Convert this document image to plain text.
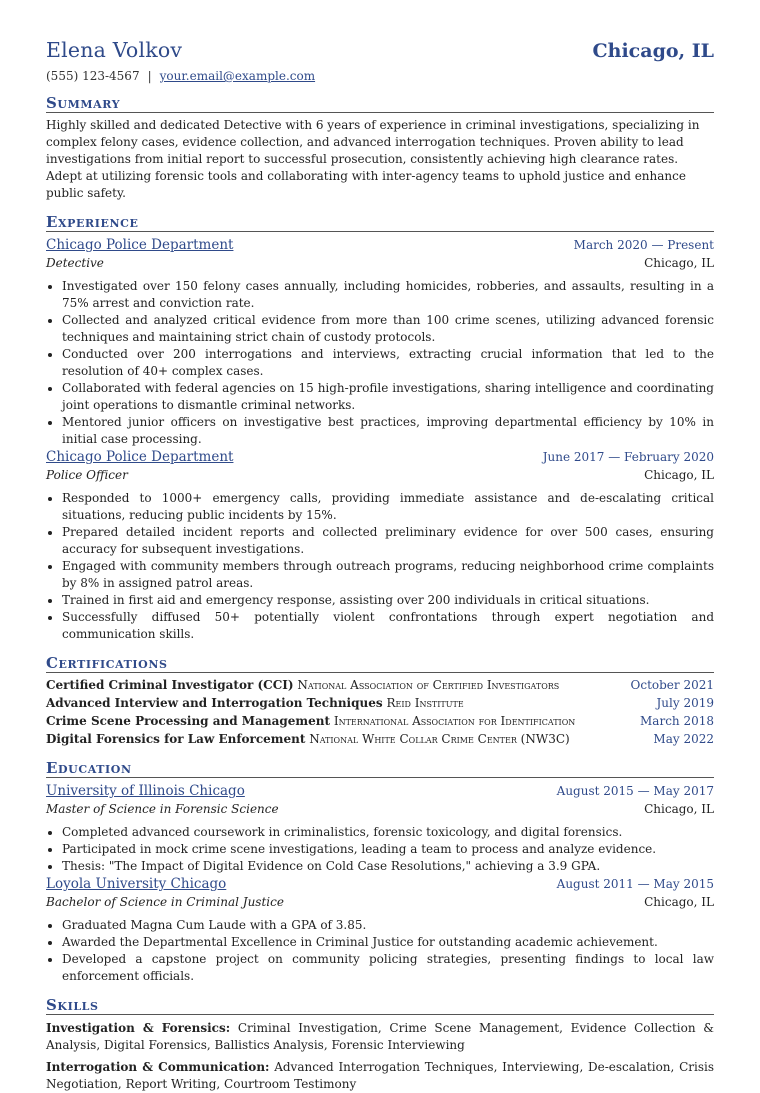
Elena Volkov	Chicago, IL
(555) 123-4567 | your.email@example.com
Summary
Highly skilled and dedicated Detective with 6 years of experience in criminal investigations, specializing in complex felony cases, evidence collection, and advanced interrogation techniques. Proven ability to lead investigations from initial report to successful prosecution, consistently achieving high clearance rates. Adept at utilizing forensic tools and collaborating with inter-agency teams to uphold justice and enhance public safety.
Experience
Chicago Police Department	March 2020 — Present
Detective	Chicago, IL
• Investigated over 150 felony cases annually, including homicides, robberies, and assaults, resulting in a 75% arrest and conviction rate.
• Collected and analyzed critical evidence from more than 100 crime scenes, utilizing advanced forensic techniques and maintaining strict chain of custody protocols.
• Conducted over 200 interrogations and interviews, extracting crucial information that led to the resolution of 40+ complex cases.
• Collaborated with federal agencies on 15 high-profile investigations, sharing intelligence and coordinating joint operations to dismantle criminal networks.
• Mentored junior officers on investigative best practices, improving departmental efficiency by 10% in initial case processing.
Chicago Police Department	June 2017 — February 2020
Police Officer	Chicago, IL
• Responded to 1000+ emergency calls, providing immediate assistance and de-escalating critical situations, reducing public incidents by 15%.
• Prepared detailed incident reports and collected preliminary evidence for over 500 cases, ensuring accuracy for subsequent investigations.
• Engaged with community members through outreach programs, reducing neighborhood crime complaints by 8% in assigned patrol areas.
• Trained in first aid and emergency response, assisting over 200 individuals in critical situations.
• Successfully diffused 50+ potentially violent confrontations through expert negotiation and communication skills.
Certifications
Certified Criminal Investigator (CCI) National Association of Certified Investigators	October 2021
Advanced Interview and Interrogation Techniques Reid Institute	July 2019
Crime Scene Processing and Management International Association for Identification	March 2018
Digital Forensics for Law Enforcement National White Collar Crime Center (NW3C)	May 2022
Education
University of Illinois Chicago	August 2015 — May 2017
Master of Science in Forensic Science	Chicago, IL
• Completed advanced coursework in criminalistics, forensic toxicology, and digital forensics.
• Participated in mock crime scene investigations, leading a team to process and analyze evidence.
• Thesis: "The Impact of Digital Evidence on Cold Case Resolutions," achieving a 3.9 GPA.
Loyola University Chicago	August 2011 — May 2015
Bachelor of Science in Criminal Justice	Chicago, IL
• Graduated Magna Cum Laude with a GPA of 3.85.
• Awarded the Departmental Excellence in Criminal Justice for outstanding academic achievement.
• Developed a capstone project on community policing strategies, presenting findings to local law enforcement officials.
Skills
Investigation & Forensics: Criminal Investigation, Crime Scene Management, Evidence Collection & Analysis, Digital Forensics, Ballistics Analysis, Forensic Interviewing
Interrogation & Communication: Advanced Interrogation Techniques, Interviewing, De-escalation, Crisis Negotiation, Report Writing, Courtroom Testimony
